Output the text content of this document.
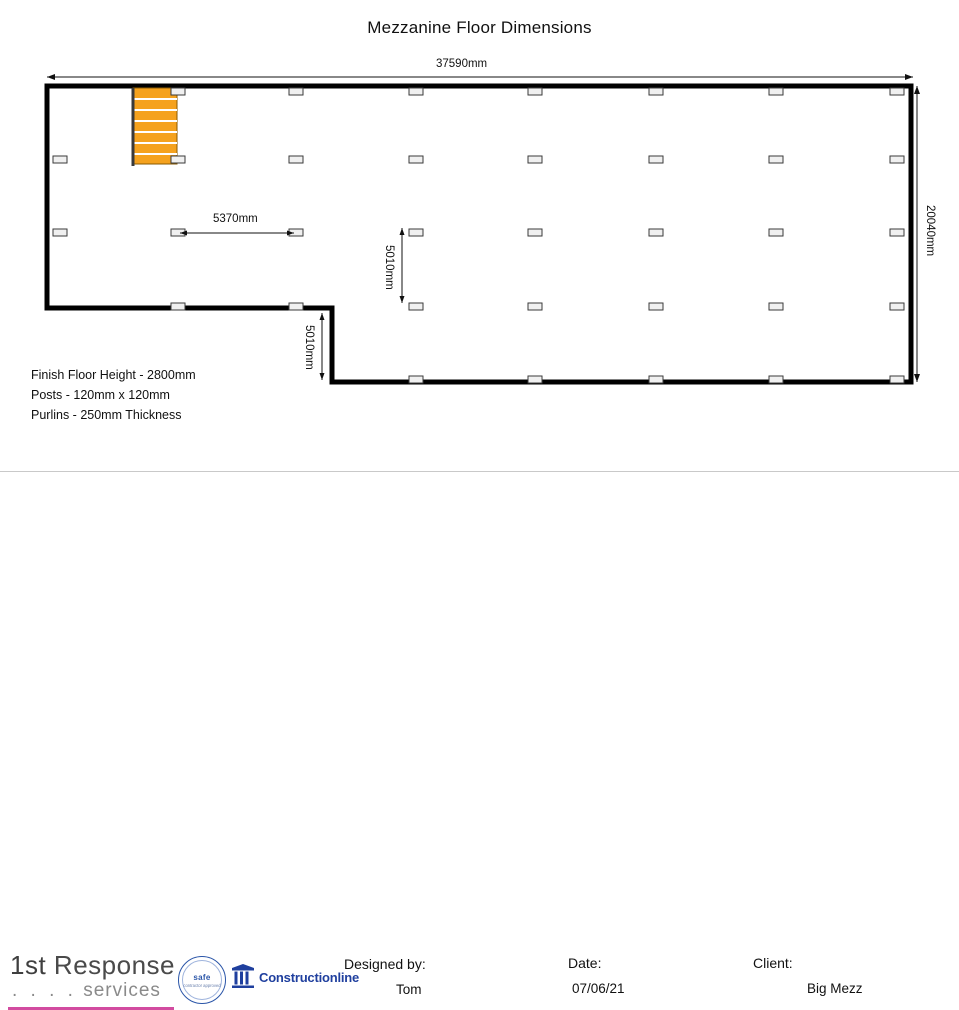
Mezzanine Floor Dimensions
37590mm
20040mm
5370mm
5010mm
5010mm
Finish Floor Height - 2800mm
Posts - 120mm x 120mm
Purlins - 250mm Thickness
1st Response
. . . . services
safe
contractor approved
Constructionline
Designed by:
Tom
Date:
07/06/21
Client:
Big Mezz
